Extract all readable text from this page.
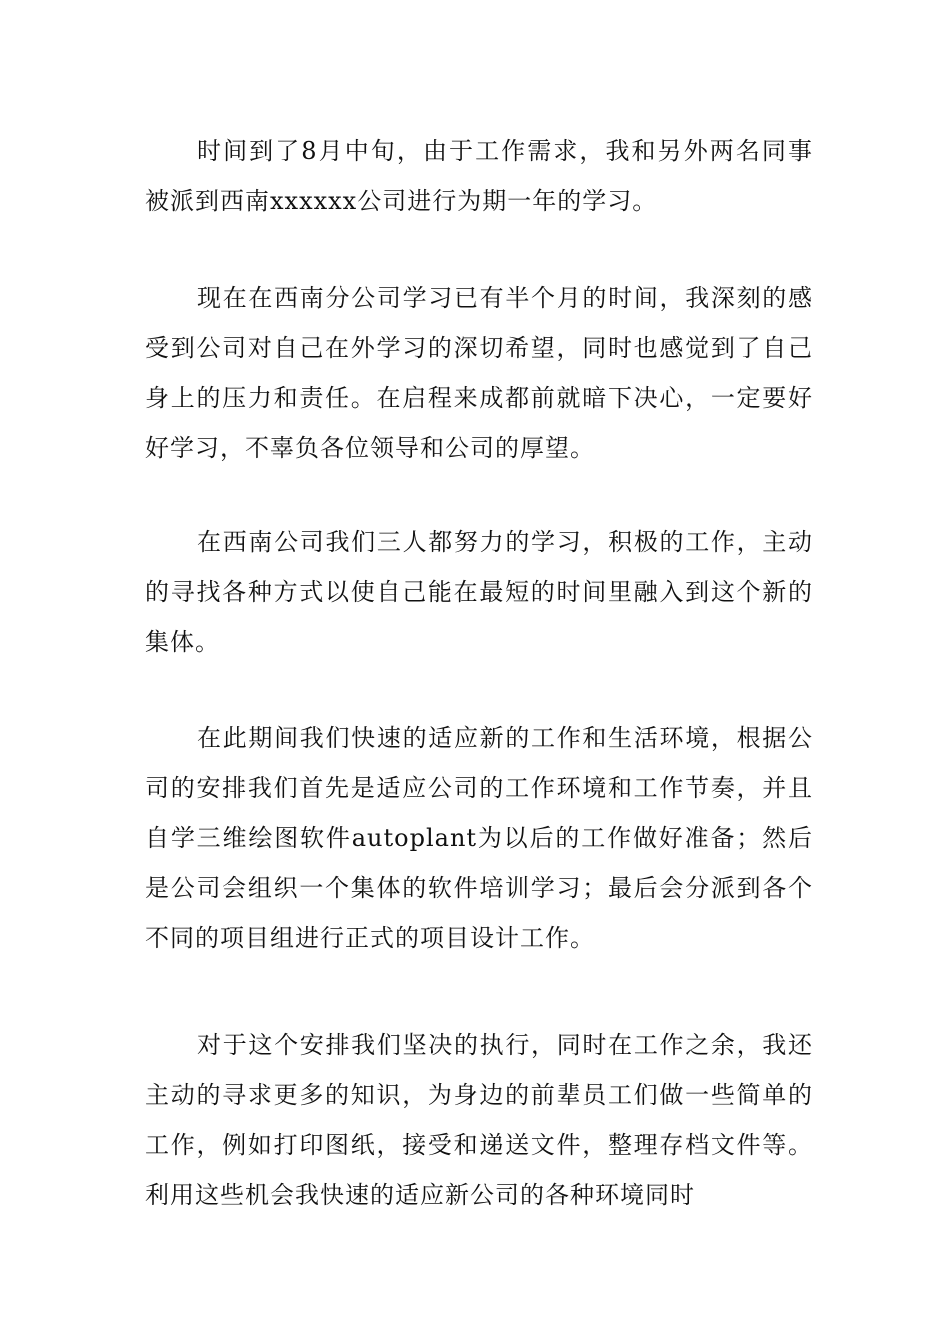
时间到了8月中旬，由于工作需求，我和另外两名同事被派到西南xxxxxx公司进行为期一年的学习。

现在在西南分公司学习已有半个月的时间，我深刻的感受到公司对自己在外学习的深切希望，同时也感觉到了自己身上的压力和责任。在启程来成都前就暗下决心，一定要好好学习，不辜负各位领导和公司的厚望。

在西南公司我们三人都努力的学习，积极的工作，主动的寻找各种方式以使自己能在最短的时间里融入到这个新的集体。

在此期间我们快速的适应新的工作和生活环境，根据公司的安排我们首先是适应公司的工作环境和工作节奏，并且自学三维绘图软件autoplant为以后的工作做好准备；然后是公司会组织一个集体的软件培训学习；最后会分派到各个不同的项目组进行正式的项目设计工作。

对于这个安排我们坚决的执行，同时在工作之余，我还主动的寻求更多的知识，为身边的前辈员工们做一些简单的工作，例如打印图纸，接受和递送文件，整理存档文件等。利用这些机会我快速的适应新公司的各种环境同时
